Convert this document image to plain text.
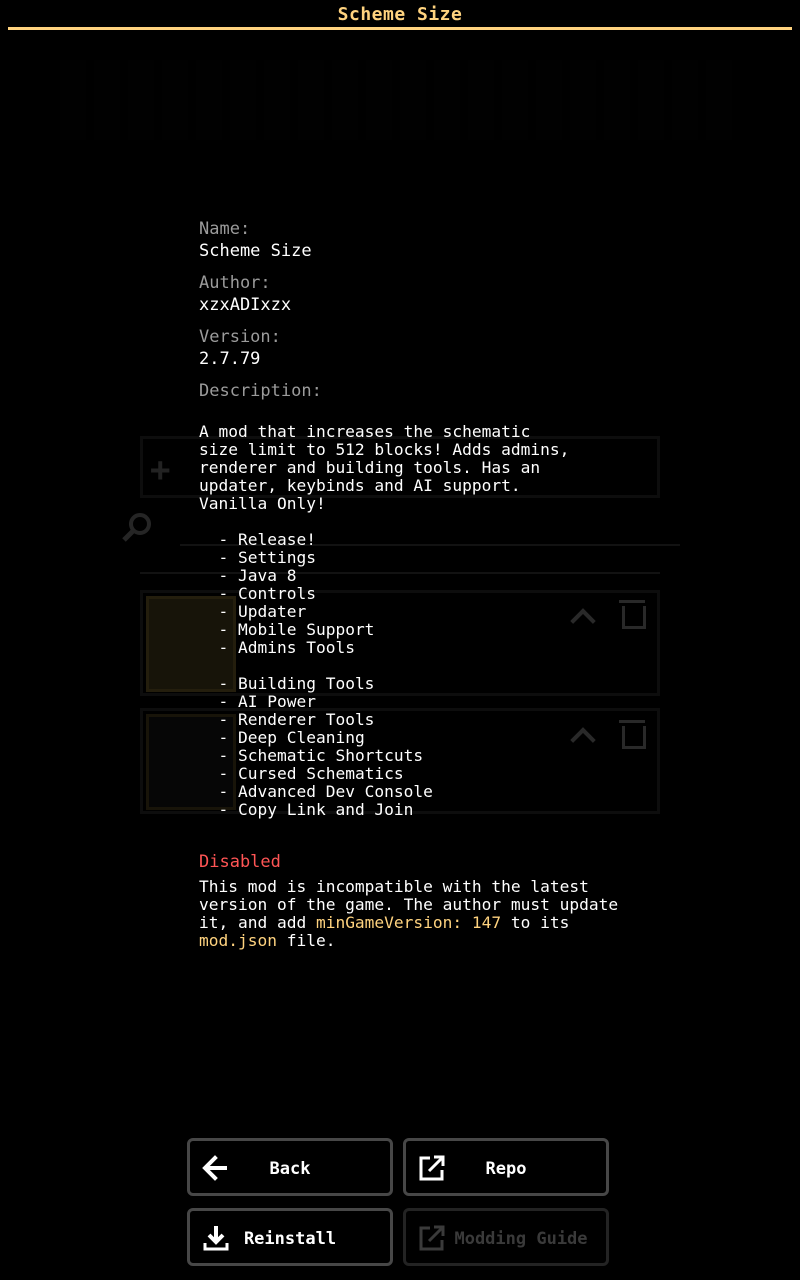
+
Scheme Size

Name:

Scheme Size

Author:

xzxADIxzx

Version:

2.7.79

Description:

A mod that increases the schematic
size limit to 512 blocks! Adds admins,
renderer and building tools. Has an
updater, keybinds and AI support.
Vanilla Only!

- Release!
- Settings
- Java 8
- Controls
- Updater
- Mobile Support
- Admins Tools

- Building Tools
- AI Power
- Renderer Tools
- Deep Cleaning
- Schematic Shortcuts
- Cursed Schematics
- Advanced Dev Console
- Copy Link and Join
Disabled

This mod is incompatible with the latest version of the game. The author must update it, and add minGameVersion: 147 to its mod.json file.

Back	Repo
Reinstall	Modding Guide
